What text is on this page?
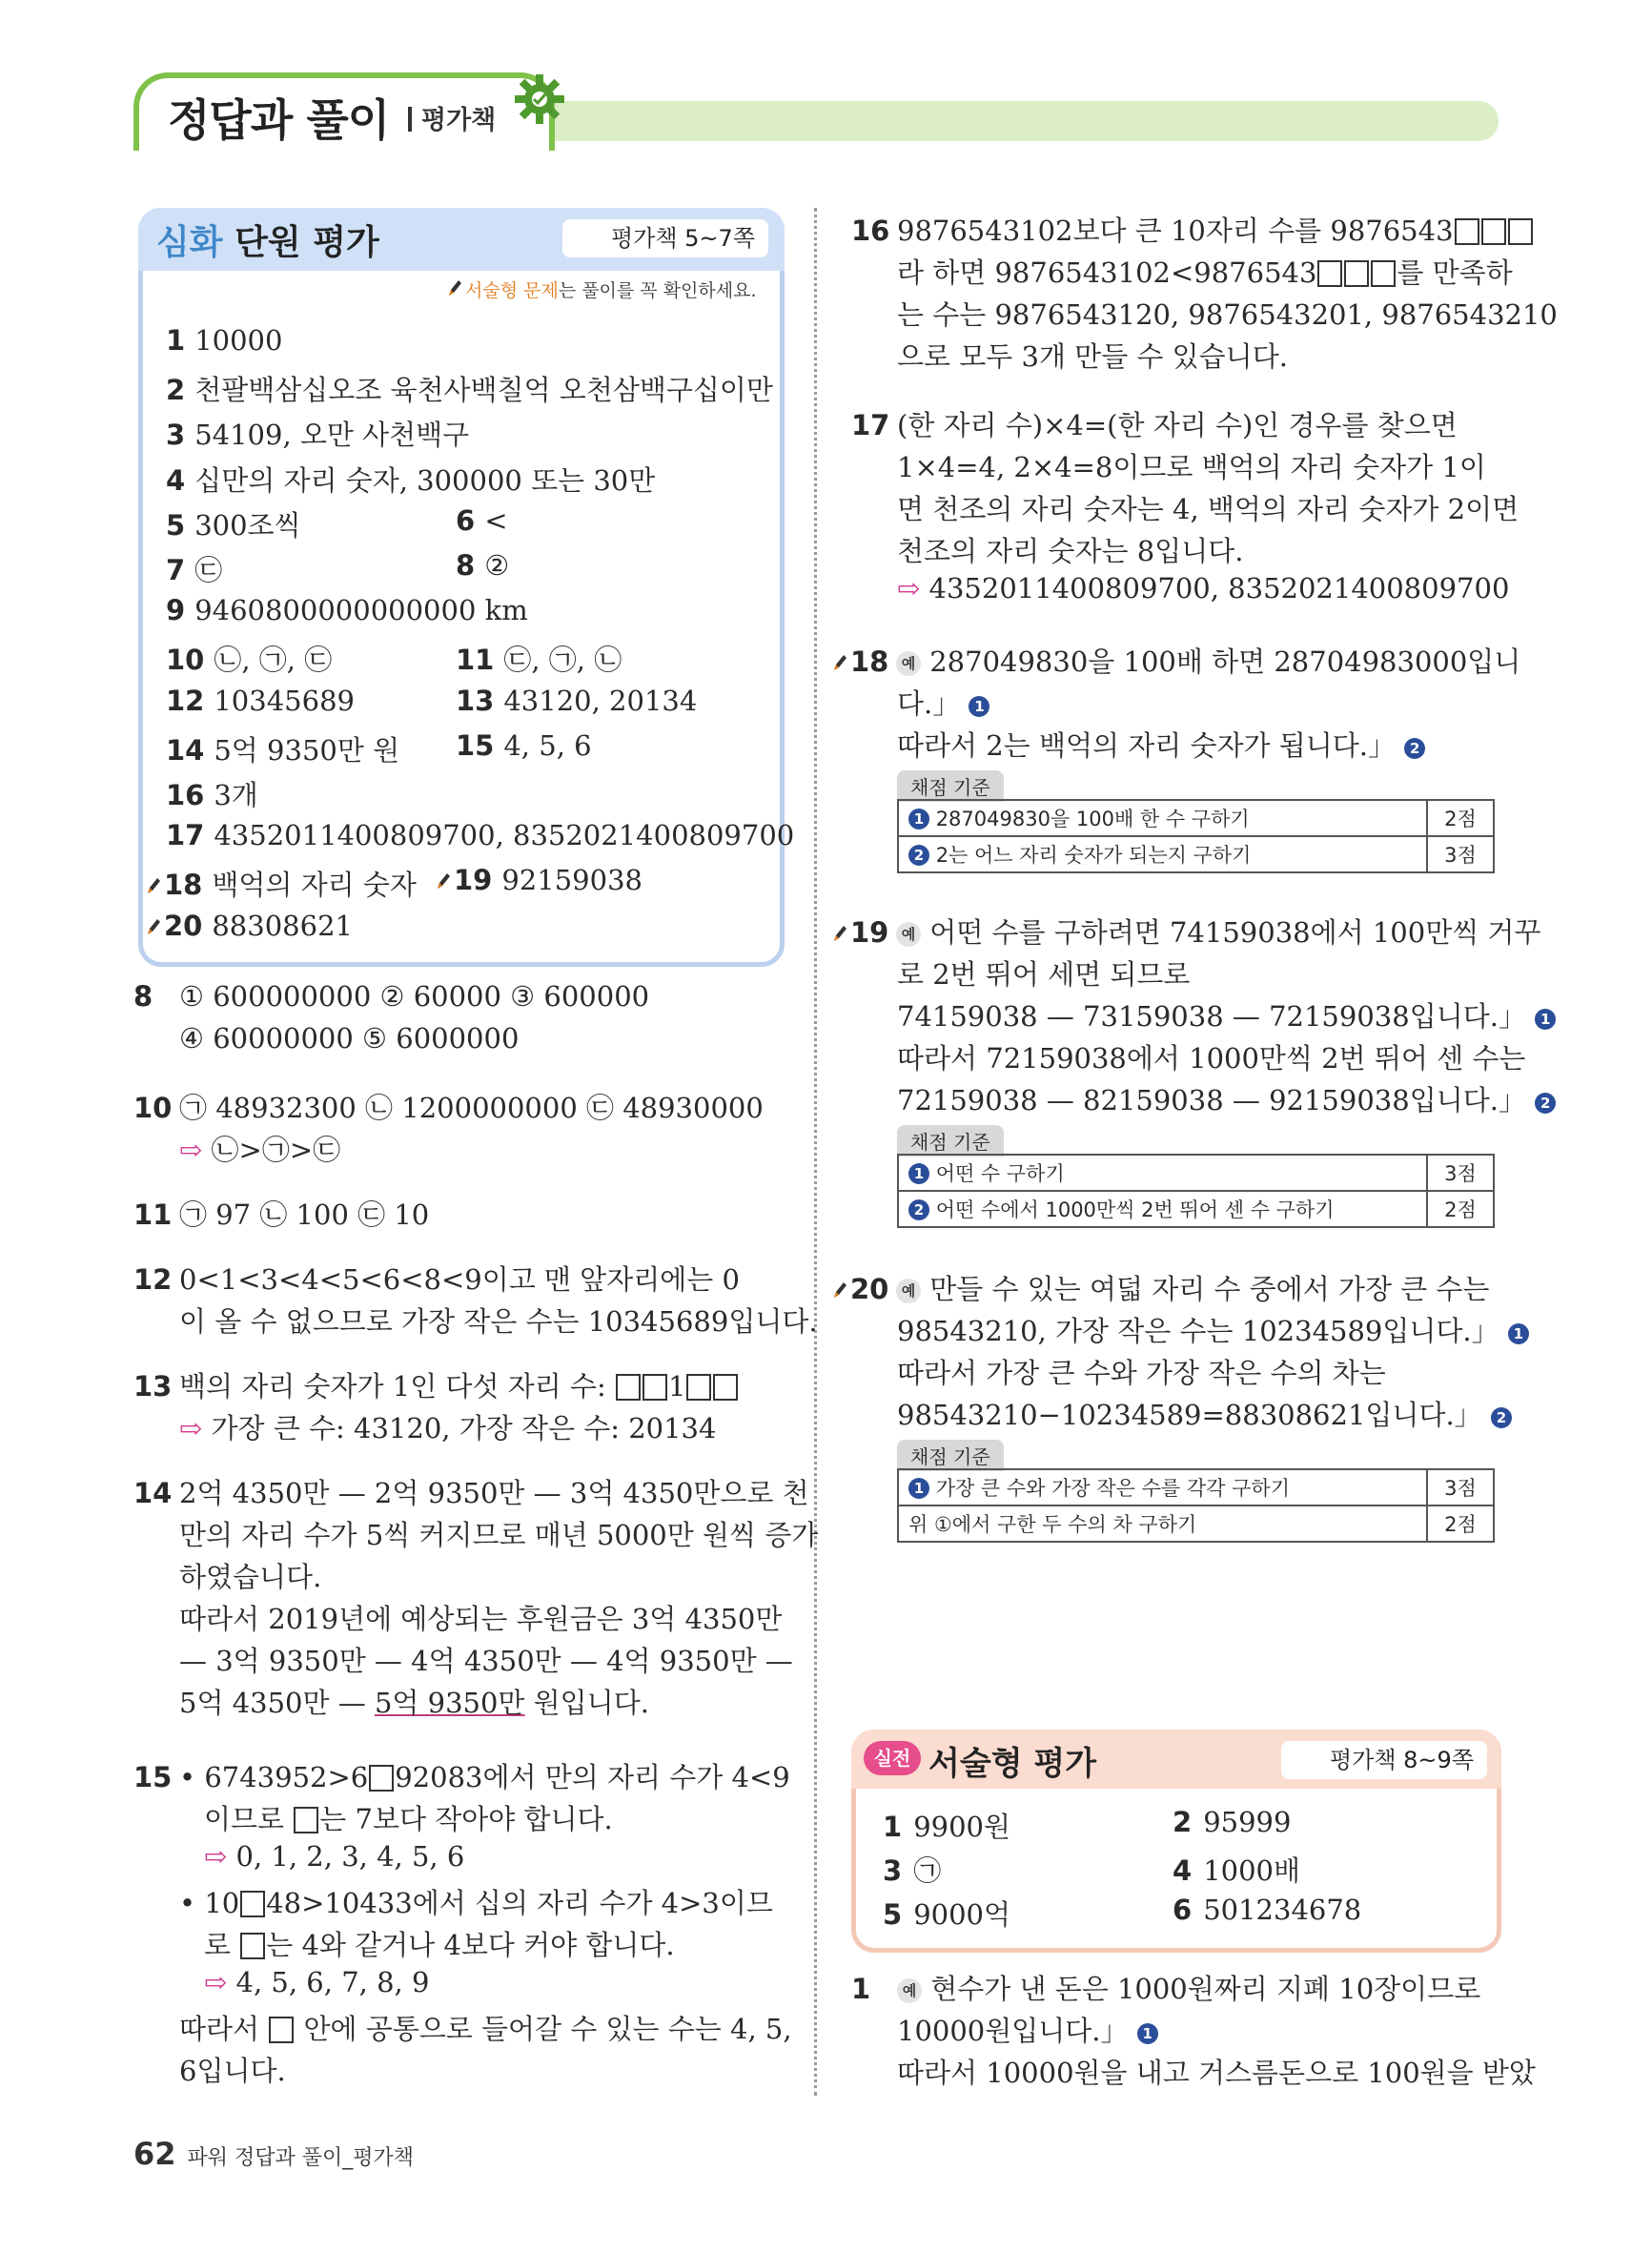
정답과 풀이	평가책
심화 단원 평가	평가책 5~7쪽
서술형 문제는 풀이를 꼭 확인하세요.
1 10000
2 천팔백삼십오조 육천사백칠억 오천삼백구십이만
3 54109, 오만 사천백구
4 십만의 자리 숫자, 300000 또는 30만
5 300조씩	6 <
7 ㉢	8 ②
9 9460800000000000 km
10 ㉡, ㉠, ㉢	11 ㉢, ㉠, ㉡
12 10345689	13 43120, 20134
14 5억 9350만 원 15 4, 5, 6
16 3개
17 4352011400809700, 8352021400809700
18 백억의 자리 숫자	19 92159038
20 88308621
8 ① 600000000 ② 60000 ③ 600000
④ 60000000 ⑤ 6000000
10 ㉠ 48932300 ㉡ 1200000000 ㉢ 48930000
⇨ ㉡>㉠>㉢
11 ㉠ 97 ㉡ 100 ㉢ 10
12 0<1<3<4<5<6<8<9이고 맨 앞자리에는 0
이 올 수 없으므로 가장 작은 수는 10345689입니다.
13 백의 자리 숫자가 1인 다섯 자리 수: 1
⇨ 가장 큰 수: 43120, 가장 작은 수: 20134
14 2억 4350만 — 2억 9350만 — 3억 4350만으로 천
만의 자리 수가 5씩 커지므로 매년 5000만 원씩 증가
하였습니다.
따라서 2019년에 예상되는 후원금은 3억 4350만
— 3억 9350만 — 4억 4350만 — 4억 9350만 —
5억 4350만 — 5억 9350만 원입니다.
15 • 6743952>6 92083에서 만의 자리 수가 4<9
이므로 는 7보다 작아야 합니다.
⇨ 0, 1, 2, 3, 4, 5, 6
• 10 48>10433에서 십의 자리 수가 4>3이므
로 는 4와 같거나 4보다 커야 합니다.
⇨ 4, 5, 6, 7, 8, 9
따라서  안에 공통으로 들어갈 수 있는 수는 4, 5,
6입니다.
16 9876543102보다 큰 10자리 수를 9876543
라 하면 9876543102<9876543	를 만족하
는 수는 9876543120, 9876543201, 9876543210
으로 모두 3개 만들 수 있습니다.
17 (한 자리 수)×4=(한 자리 수)인 경우를 찾으면
1×4=4, 2×4=8이므로 백억의 자리 숫자가 1이
면 천조의 자리 숫자는 4, 백억의 자리 숫자가 2이면
천조의 자리 숫자는 8입니다.
⇨ 4352011400809700, 8352021400809700
18 예 287049830을 100배 하면 28704983000입니
다.」 1
따라서 2는 백억의 자리 숫자가 됩니다.」 2
채점 기준
1 287049830을 100배 한 수 구하기	2점
2 2는 어느 자리 숫자가 되는지 구하기	3점
19 예 어떤 수를 구하려면 74159038에서 100만씩 거꾸
로 2번 뛰어 세면 되므로
74159038 — 73159038 — 72159038입니다.」 1
따라서 72159038에서 1000만씩 2번 뛰어 센 수는
72159038 — 82159038 — 92159038입니다.」 2
채점 기준
1 어떤 수 구하기	3점
2 어떤 수에서 1000만씩 2번 뛰어 센 수 구하기	2점
20 예 만들 수 있는 여덟 자리 수 중에서 가장 큰 수는
98543210, 가장 작은 수는 10234589입니다.」 1
따라서 가장 큰 수와 가장 작은 수의 차는
98543210−10234589=88308621입니다.」 2
채점 기준
1 가장 큰 수와 가장 작은 수를 각각 구하기	3점
위 ①에서 구한 두 수의 차 구하기	2점
실전 서술형 평가	평가책 8~9쪽
1 9900원	2 95999
3 ㉠	4 1000배
5 9000억	6 501234678
1 예 현수가 낸 돈은 1000원짜리 지폐 10장이므로
10000원입니다.」 1
따라서 10000원을 내고 거스름돈으로 100원을 받았
62 파워 정답과 풀이_평가책
